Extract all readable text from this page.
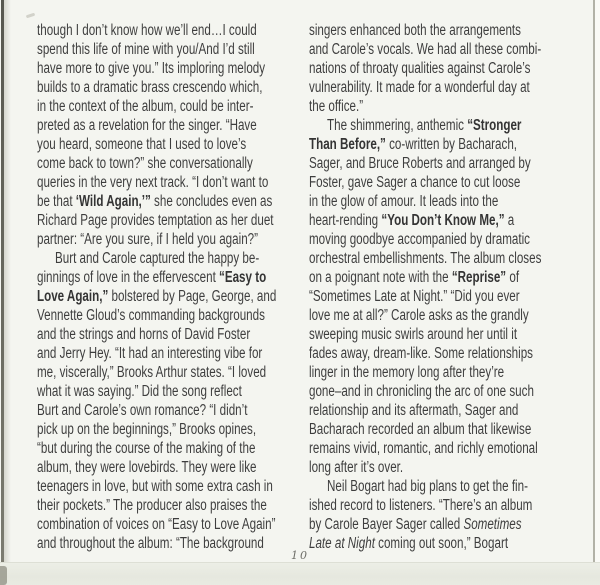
though I don’t know how we’ll end…I could
spend this life of mine with you/And I’d still
have more to give you.” Its imploring melody
builds to a dramatic brass crescendo which,
in the context of the album, could be inter-
preted as a revelation for the singer. “Have
you heard, someone that I used to love’s
come back to town?” she conversationally
queries in the very next track. “I don’t want to
be that ‘Wild Again,’” she concludes even as
Richard Page provides temptation as her duet
partner: “Are you sure, if I held you again?”
Burt and Carole captured the happy be-
ginnings of love in the effervescent “Easy to
Love Again,” bolstered by Page, George, and
Vennette Gloud’s commanding backgrounds
and the strings and horns of David Foster
and Jerry Hey. “It had an interesting vibe for
me, viscerally,” Brooks Arthur states. “I loved
what it was saying.” Did the song reflect
Burt and Carole’s own romance? “I didn’t
pick up on the beginnings,” Brooks opines,
“but during the course of the making of the
album, they were lovebirds. They were like
teenagers in love, but with some extra cash in
their pockets.” The producer also praises the
combination of voices on “Easy to Love Again”
and throughout the album: “The background
singers enhanced both the arrangements
and Carole’s vocals. We had all these combi-
nations of throaty qualities against Carole’s
vulnerability. It made for a wonderful day at
the office.”
The shimmering, anthemic “Stronger
Than Before,” co-written by Bacharach,
Sager, and Bruce Roberts and arranged by
Foster, gave Sager a chance to cut loose
in the glow of amour. It leads into the
heart-rending “You Don’t Know Me,” a
moving goodbye accompanied by dramatic
orchestral embellishments. The album closes
on a poignant note with the “Reprise” of
“Sometimes Late at Night.” “Did you ever
love me at all?” Carole asks as the grandly
sweeping music swirls around her until it
fades away, dream-like. Some relationships
linger in the memory long after they’re
gone–and in chronicling the arc of one such
relationship and its aftermath, Sager and
Bacharach recorded an album that likewise
remains vivid, romantic, and richly emotional
long after it’s over.
Neil Bogart had big plans to get the fin-
ished record to listeners. “There’s an album
by Carole Bayer Sager called Sometimes
Late at Night coming out soon,” Bogart
10
